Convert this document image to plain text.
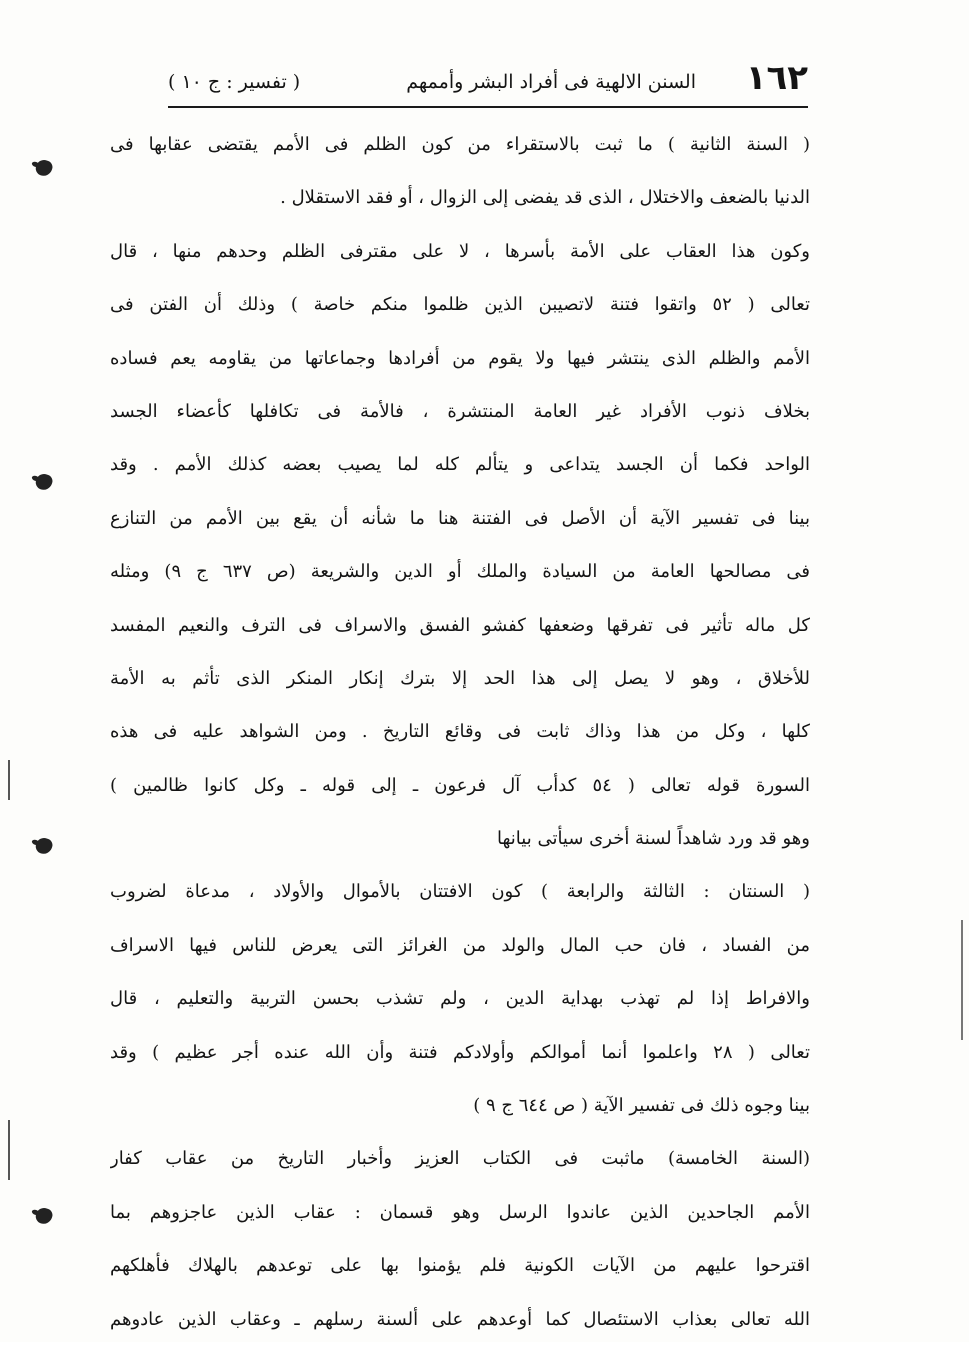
١٦٢
السنن الالهية فى أفراد البشر وأممهم
( تفسير : ج ١٠ )
( السنة الثانية ) ما ثبت بالاستقراء من كون الظلم فى الأمم يقتضى عقابها فى
الدنيا بالضعف والاختلال ، الذى قد يفضى إلى الزوال ، أو فقد الاستقلال .
وكون هذا العقاب على الأمة بأسرها ، لا على مقترفى الظلم وحدهم منها ، قال
تعالى ( ٥٢ واتقوا فتنة لاتصيبن الذين ظلموا منكم خاصة ) وذلك أن الفتن فى
الأمم والظلم الذى ينتشر فيها ولا يقوم من أفرادها وجماعاتها من يقاومه يعم فساده
بخلاف ذنوب الأفراد غير العامة المنتشرة ، فالأمة فى تكافلها كأعضاء الجسد
الواحد فكما أن الجسد يتداعى و يتألم كله لما يصيب بعضه كذلك الأمم . وقد
بينا فى تفسير الآية أن الأصل فى الفتنة هنا ما شأنه أن يقع بين الأمم من التنازع
فى مصالحها العامة من السيادة والملك أو الدين والشريعة (ص ٦٣٧ ج ٩) ومثله
كل ماله تأثير فى تفرقها وضعفها كفشو الفسق والاسراف فى الترف والنعيم المفسد
للأخلاق ، وهو لا يصل إلى هذا الحد إلا بترك إنكار المنكر الذى تأثم به الأمة
كلها ، وكل من هذا وذاك ثابت فى وقائع التاريخ . ومن الشواهد عليه فى هذه
السورة قوله تعالى ( ٥٤ كدأب آل فرعون ـ إلى قوله ـ وكل كانوا ظالمين )
وهو قد ورد شاهداً لسنة أخرى سيأتى بيانها
( السنتان : الثالثة والرابعة ) كون الافتتان بالأموال والأولاد ، مدعاة لضروب
من الفساد ، فان حب المال والولد من الغرائز التى يعرض للناس فيها الاسراف
والافراط إذا لم تهذب بهداية الدين ، ولم تشذب بحسن التربية والتعليم ، قال
تعالى ( ٢٨ واعلموا أنما أموالكم وأولادكم فتنة وأن الله عنده أجر عظيم ) وقد
بينا وجوه ذلك فى تفسير الآية ( ص ٦٤٤ ج ٩ )
(السنة الخامسة) ماثبت فى الكتاب العزيز وأخبار التاريخ من عقاب كفار
الأمم الجاحدين الذين عاندوا الرسل وهو قسمان : عقاب الذين عاجزوهم بما
اقترحوا عليهم من الآيات الكونية فلم يؤمنوا بها على توعدهم بالهلاك فأهلكهم
الله تعالى بعذاب الاستئصال كما أوعدهم على ألسنة رسلهم ـ وعقاب الذين عادوهم
